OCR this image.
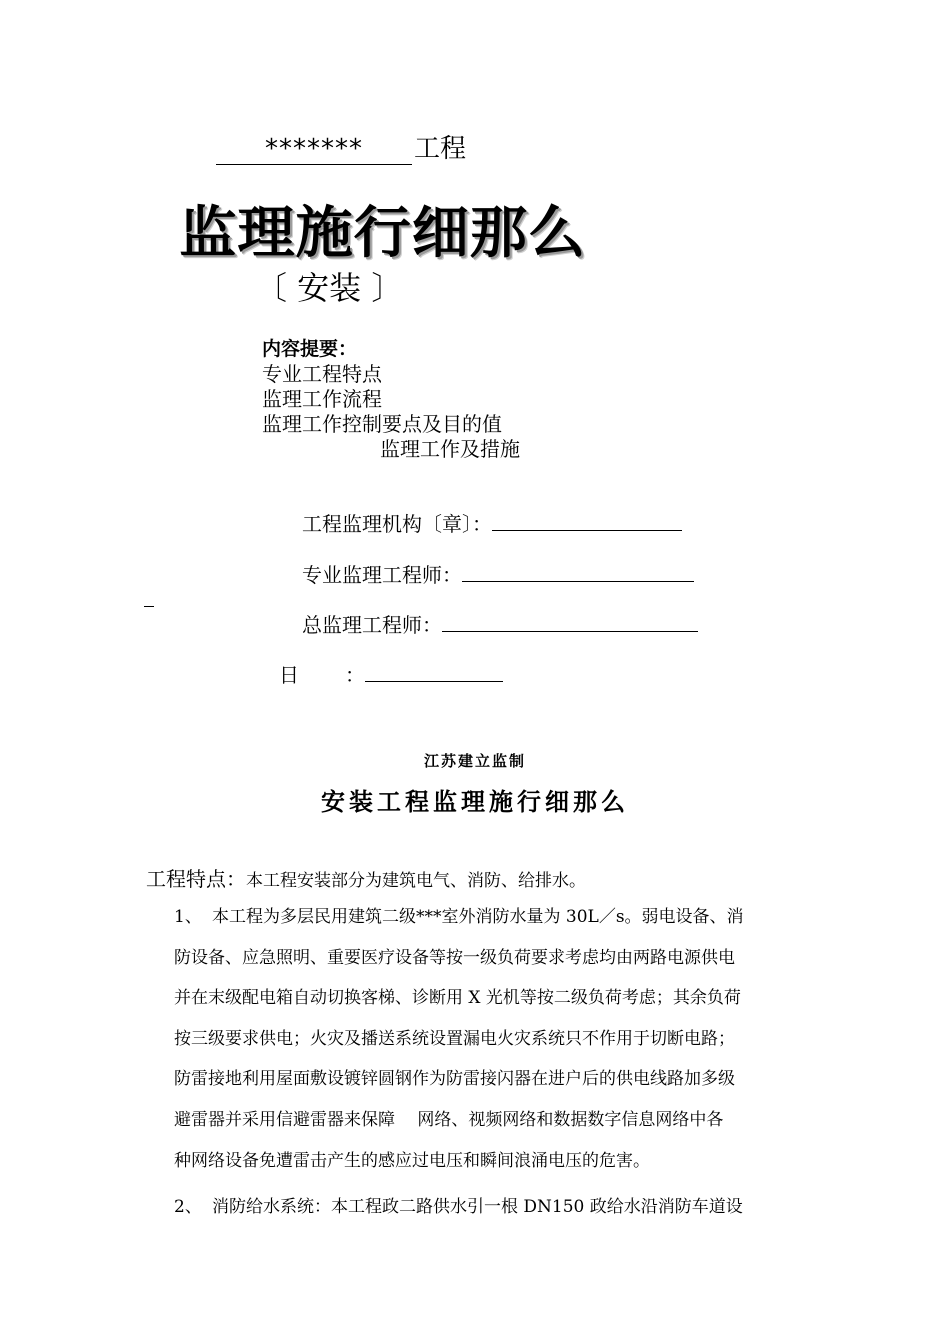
******* 工程
监理施行细那么
〔 安装 〕
内容提要：
专业工程特点
监理工作流程
监理工作控制要点及目的值
监理工作及措施
工程监理机构〔章〕：
专业监理工程师：
总监理工程师：
日 ：
江苏建立监制
安装工程监理施行细那么
工程特点：本工程安装部分为建筑电气、消防、给排水。
1、 本工程为多层民用建筑二级***室外消防水量为 30L／s。弱电设备、消
防设备、应急照明、重要医疗设备等按一级负荷要求考虑均由两路电源供电
并在末级配电箱自动切换客梯、诊断用 X 光机等按二级负荷考虑；其余负荷
按三级要求供电；火灾及播送系统设置漏电火灾系统只不作用于切断电路；
防雷接地利用屋面敷设镀锌圆钢作为防雷接闪器在进户后的供电线路加多级
避雷器并采用信避雷器来保障　 网络、视频网络和数据数字信息网络中各
种网络设备免遭雷击产生的感应过电压和瞬间浪涌电压的危害。
2、 消防给水系统：本工程政二路供水引一根 DN150 政给水沿消防车道设
